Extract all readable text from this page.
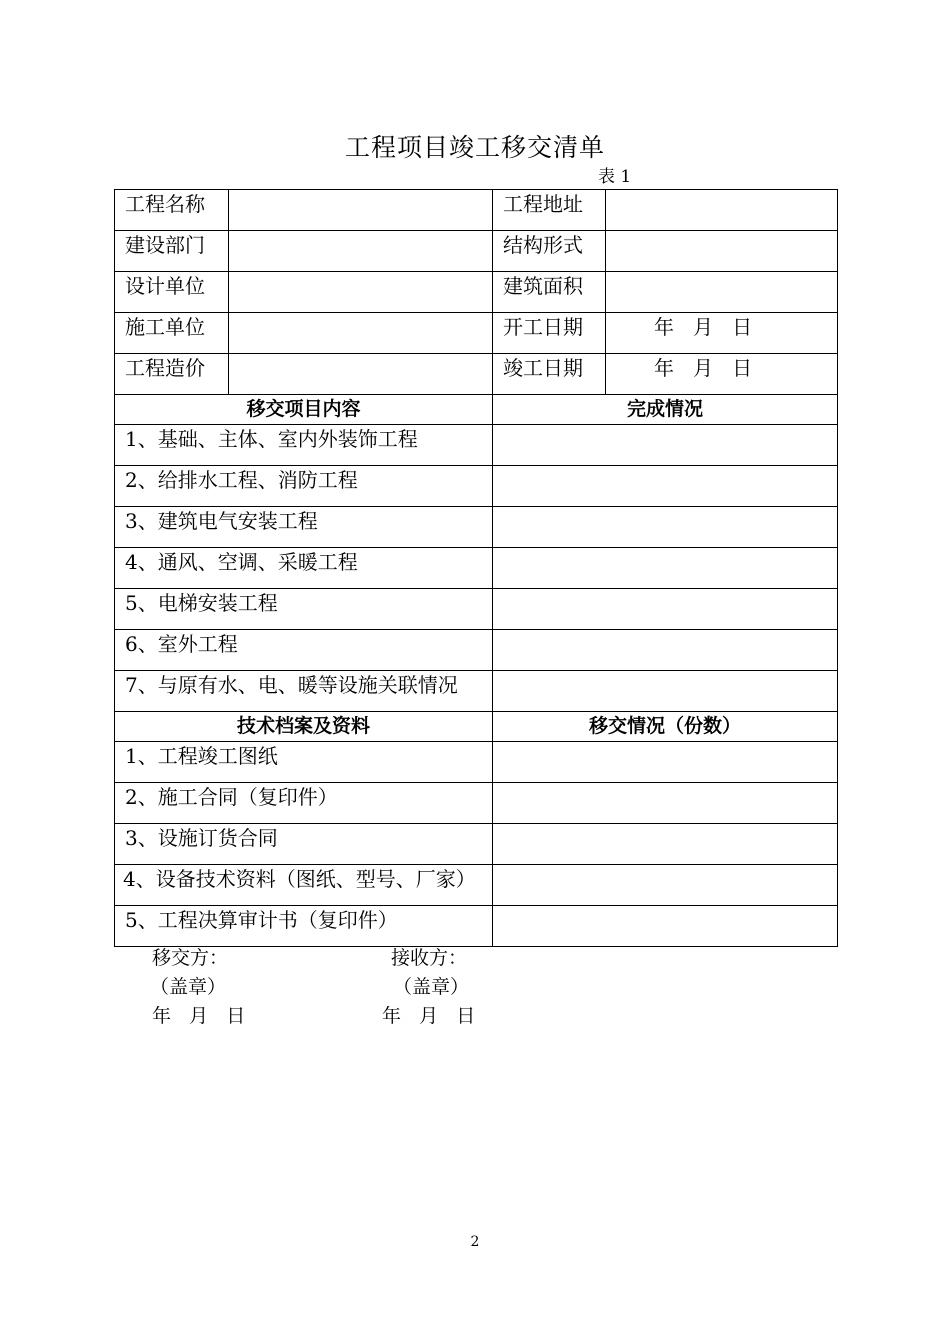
工程项目竣工移交清单
表 1
工程名称		工程地址	
建设部门		结构形式	
设计单位		建筑面积	
施工单位		开工日期	年   月   日
工程造价		竣工日期	年   月   日
移交项目内容		完成情况	
1、基础、主体、室内外装饰工程			
2、给排水工程、消防工程			
3、建筑电气安装工程			
4、通风、空调、采暖工程			
5、电梯安装工程			
6、室外工程			
7、与原有水、电、暖等设施关联情况			
技术档案及资料		移交情况（份数）	
1、工程竣工图纸			
2、施工合同（复印件）			
3、设施订货合同			
4、设备技术资料（图纸、型号、厂家）			
5、工程决算审计书（复印件）			
移交方：
（盖章）
年   月   日
接收方：
（盖章）
年   月   日
2
